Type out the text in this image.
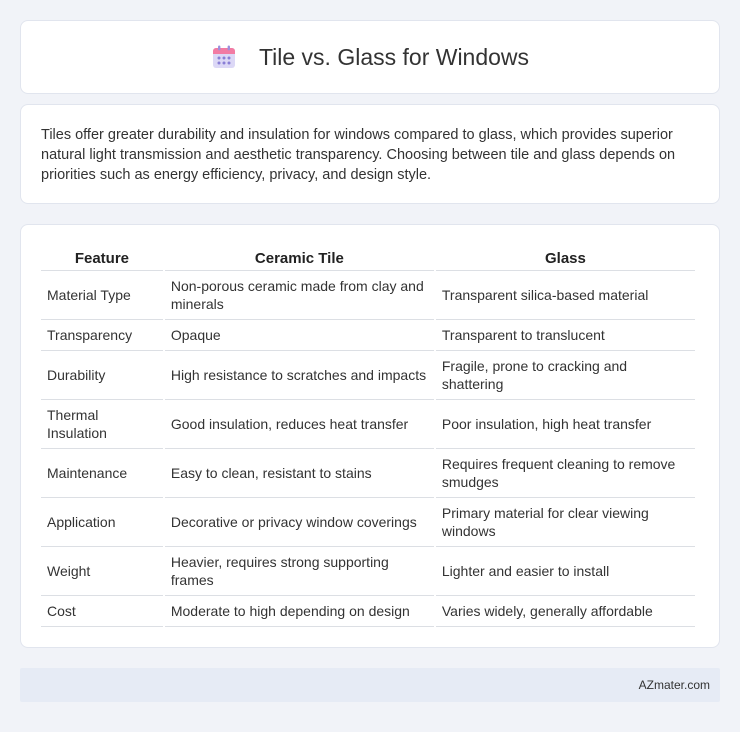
Tile vs. Glass for Windows

Tiles offer greater durability and insulation for windows compared to glass, which provides superior natural light transmission and aesthetic transparency. Choosing between tile and glass depends on priorities such as energy efficiency, privacy, and design style.

Feature	Ceramic Tile	Glass
Material Type	Non-porous ceramic made from clay and minerals	Transparent silica-based material
Transparency	Opaque	Transparent to translucent
Durability	High resistance to scratches and impacts	Fragile, prone to cracking and shattering
Thermal Insulation	Good insulation, reduces heat transfer	Poor insulation, high heat transfer
Maintenance	Easy to clean, resistant to stains	Requires frequent cleaning to remove smudges
Application	Decorative or privacy window coverings	Primary material for clear viewing windows
Weight	Heavier, requires strong supporting frames	Lighter and easier to install
Cost	Moderate to high depending on design	Varies widely, generally affordable
AZmater.com
